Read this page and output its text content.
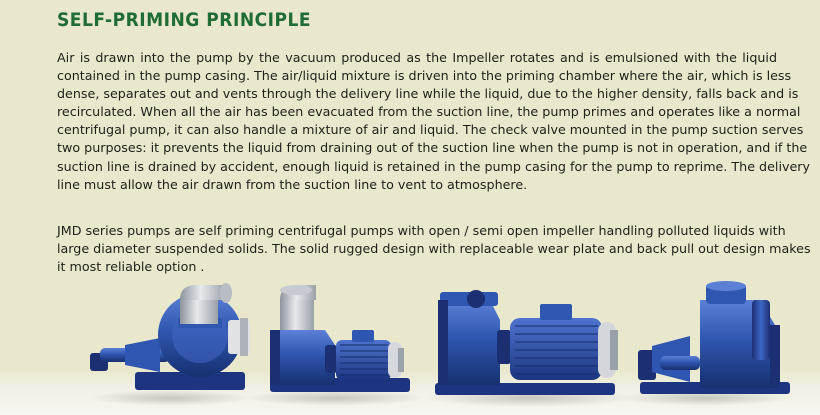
SELF-PRIMING PRINCIPLE
Air is drawn into the pump by the vacuum produced as the Impeller rotates and is emulsioned with the liquid
contained in the pump casing. The air/liquid mixture is driven into the priming chamber where the air, which is less
dense, separates out and vents through the delivery line while the liquid, due to the higher density, falls back and is
recirculated. When all the air has been evacuated from the suction line, the pump primes and operates like a normal
centrifugal pump, it can also handle a mixture of air and liquid. The check valve mounted in the pump suction serves
two purposes: it prevents the liquid from draining out of the suction line when the pump is not in operation, and if the
suction line is drained by accident, enough liquid is retained in the pump casing for the pump to reprime. The delivery
line must allow the air drawn from the suction line to vent to atmosphere.
JMD series pumps are self priming centrifugal pumps with open / semi open impeller handling polluted liquids with
large diameter suspended solids. The solid rugged design with replaceable wear plate and back pull out design makes
it most reliable option .
